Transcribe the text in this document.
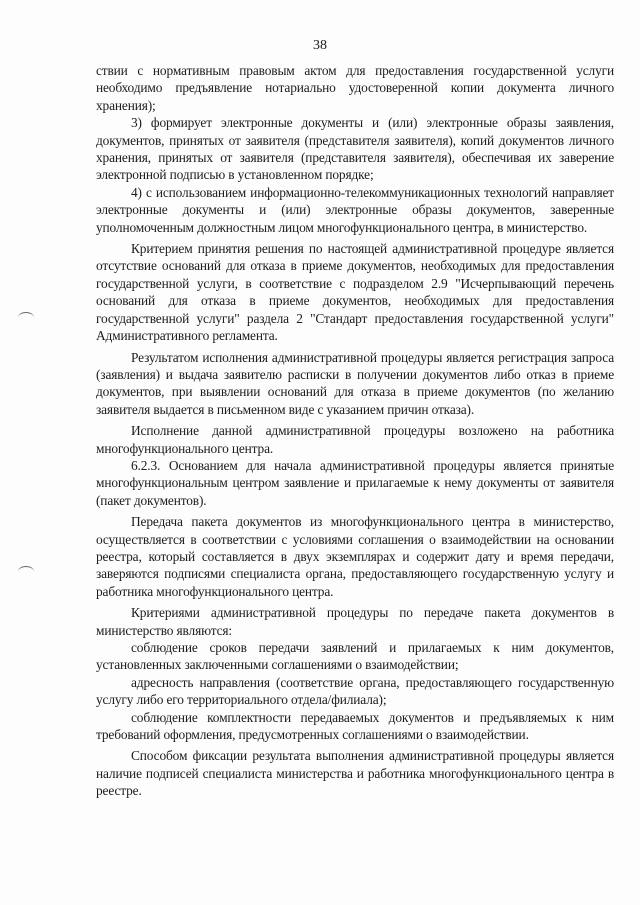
38

ствии с нормативным правовым актом для предоставления государственной услуги необходимо предъявление нотариально удостоверенной копии документа личного хранения);

3) формирует электронные документы и (или) электронные образы заявления, документов, принятых от заявителя (представителя заявителя), копий документов личного хранения, принятых от заявителя (представителя заявителя), обеспечивая их заверение электронной подписью в установленном порядке;

4) с использованием информационно-телекоммуникационных технологий направляет электронные документы и (или) электронные образы документов, заверенные уполномоченным должностным лицом многофункционального центра, в министерство.

Критерием принятия решения по настоящей административной процедуре является отсутствие оснований для отказа в приеме документов, необходимых для предоставления государственной услуги, в соответствие с подразделом 2.9 "Исчерпывающий перечень оснований для отказа в приеме документов, необходимых для предоставления государственной услуги" раздела 2 "Стандарт предоставления государственной услуги" Административного регламента.

Результатом исполнения административной процедуры является регистрация запроса (заявления) и выдача заявителю расписки в получении документов либо отказ в приеме документов, при выявлении оснований для отказа в приеме документов (по желанию заявителя выдается в письменном виде с указанием причин отказа).

Исполнение данной административной процедуры возложено на работника многофункционального центра.

6.2.3. Основанием для начала административной процедуры является принятые многофункциональным центром заявление и прилагаемые к нему документы от заявителя (пакет документов).

Передача пакета документов из многофункционального центра в министерство, осуществляется в соответствии с условиями соглашения о взаимодействии на основании реестра, который составляется в двух экземплярах и содержит дату и время передачи, заверяются подписями специалиста органа, предоставляющего государственную услугу и работника многофункционального центра.

Критериями административной процедуры по передаче пакета документов в министерство являются:

соблюдение сроков передачи заявлений и прилагаемых к ним документов, установленных заключенными соглашениями о взаимодействии;

адресность направления (соответствие органа, предоставляющего государственную услугу либо его территориального отдела/филиала);

соблюдение комплектности передаваемых документов и предъявляемых к ним требований оформления, предусмотренных соглашениями о взаимодействии.

Способом фиксации результата выполнения административной процедуры является наличие подписей специалиста министерства и работника многофункционального центра в реестре.
